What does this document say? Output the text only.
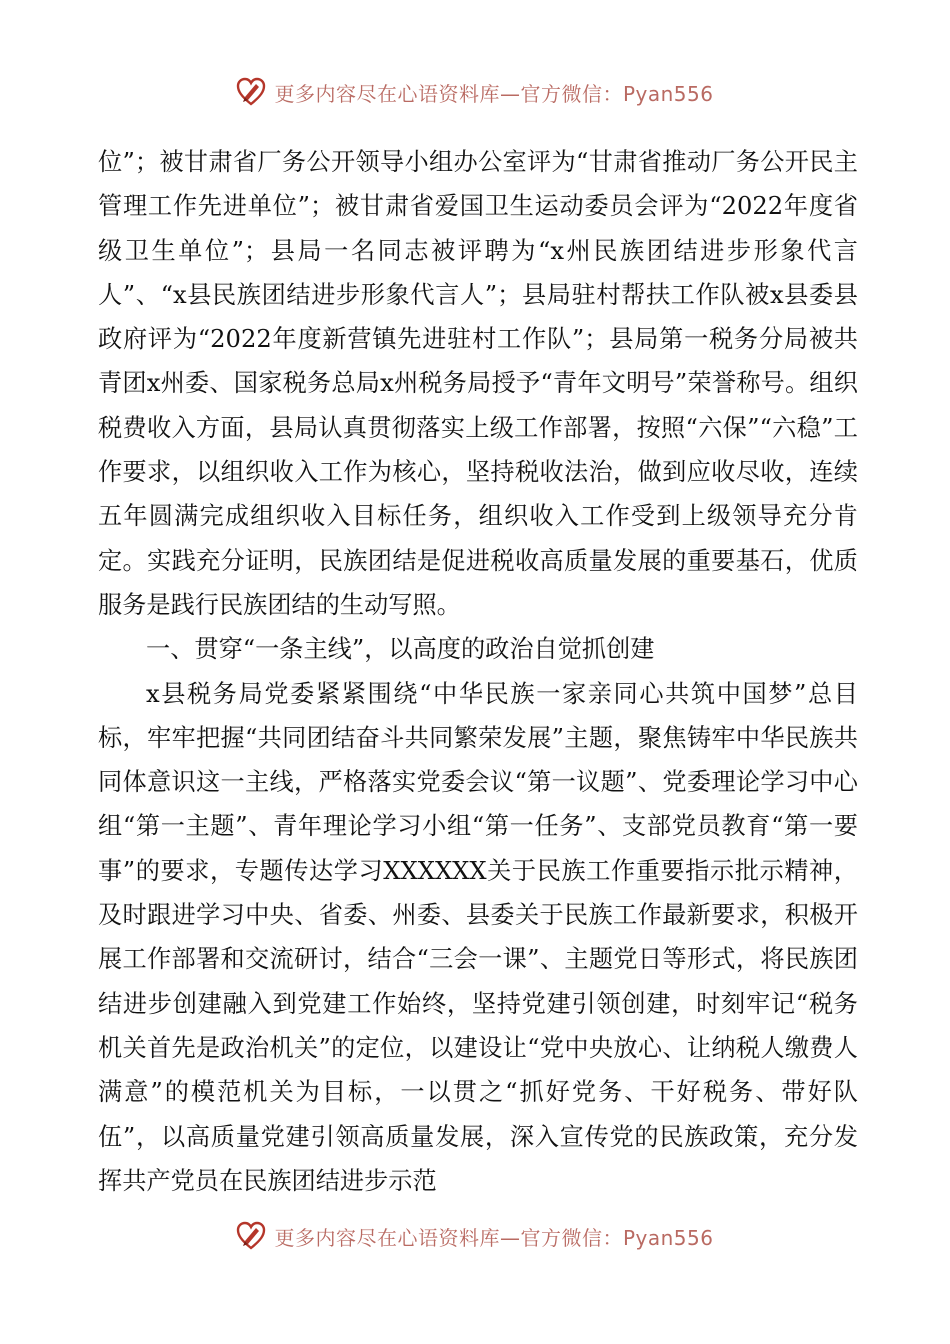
更多内容尽在心语资料库—官方微信：Pyan556

位”；被甘肃省厂务公开领导小组办公室评为“甘肃省推动厂务公开民主管理工作先进单位”；被甘肃省爱国卫生运动委员会评为“2022年度省级卫生单位”；县局一名同志被评聘为“x州民族团结进步形象代言人”、“x县民族团结进步形象代言人”；县局驻村帮扶工作队被x县委县政府评为“2022年度新营镇先进驻村工作队”；县局第一税务分局被共青团x州委、国家税务总局x州税务局授予“青年文明号”荣誉称号。组织税费收入方面，县局认真贯彻落实上级工作部署，按照“六保”“六稳”工作要求，以组织收入工作为核心，坚持税收法治，做到应收尽收，连续五年圆满完成组织收入目标任务，组织收入工作受到上级领导充分肯定。实践充分证明，民族团结是促进税收高质量发展的重要基石，优质服务是践行民族团结的生动写照。

一、贯穿“一条主线”，以高度的政治自觉抓创建

x县税务局党委紧紧围绕“中华民族一家亲同心共筑中国梦”总目标，牢牢把握“共同团结奋斗共同繁荣发展”主题，聚焦铸牢中华民族共同体意识这一主线，严格落实党委会议“第一议题”、党委理论学习中心组“第一主题”、青年理论学习小组“第一任务”、支部党员教育“第一要事”的要求，专题传达学习XXXXXX关于民族工作重要指示批示精神，及时跟进学习中央、省委、州委、县委关于民族工作最新要求，积极开展工作部署和交流研讨，结合“三会一课”、主题党日等形式，将民族团结进步创建融入到党建工作始终，坚持党建引领创建，时刻牢记“税务机关首先是政治机关”的定位，以建设让“党中央放心、让纳税人缴费人满意”的模范机关为目标，一以贯之“抓好党务、干好税务、带好队伍”，以高质量党建引领高质量发展，深入宣传党的民族政策，充分发挥共产党员在民族团结进步示范

更多内容尽在心语资料库—官方微信：Pyan556
